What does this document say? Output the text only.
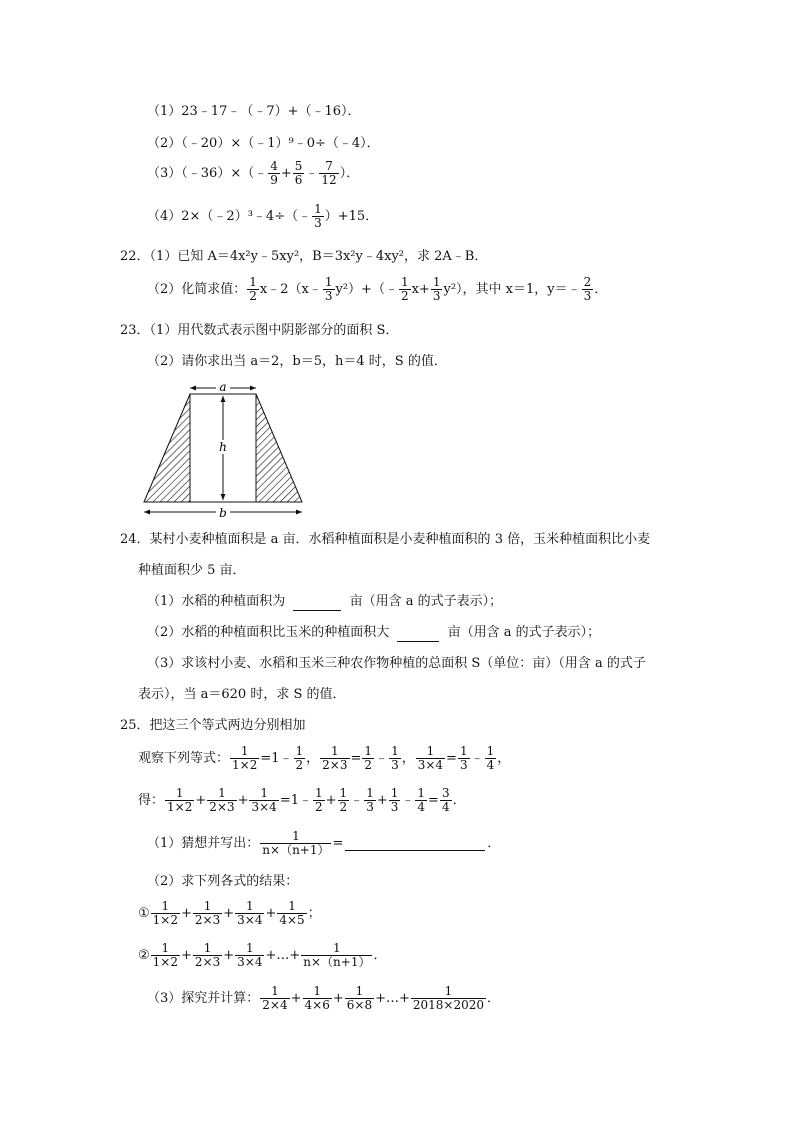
（1）23﹣17﹣（﹣7）+（﹣16）．
（2）（﹣20）×（﹣1）⁹﹣0÷（﹣4）．
（3）（﹣36）×（﹣ $\frac{4}{9} + \frac{5}{6}$ ﹣ $\frac{7}{12}$ ）．
（4）2×（﹣2）³﹣4÷（﹣ $\frac{1}{3} )+15$．
22．（1）已知 A＝4x²y﹣5xy²，B＝3x²y﹣4xy²，求 2A﹣B．
（2）化简求值： $\frac{1}{2}$ x﹣2（x﹣ $\frac{1}{3}$ y²）+（﹣ $\frac{1}{2} x+ \frac{1}{3} y^2$），其中 x＝1，y＝﹣ $\frac{2}{3}$ ．
23．（1）用代数式表示图中阴影部分的面积 S．
（2）请你求出当 a＝2，b＝5，h＝4 时，S 的值．
a
h
b
24．某村小麦种植面积是 a 亩．水稻种植面积是小麦种植面积的 3 倍，玉米种植面积比小麦
种植面积少 5 亩．
（1）水稻的种植面积为	亩（用含 a 的式子表示）；
（2）水稻的种植面积比玉米的种植面积大	亩（用含 a 的式子表示）；
（3）求该村小麦、水稻和玉米三种农作物种植的总面积 S（单位：亩）（用含 a 的式子
表示），当 a＝620 时，求 S 的值．
25．把这三个等式两边分别相加
观察下列等式： $\frac{1}{1\times 2}$ =1﹣ $\frac{1}{2}$ ， $\frac{1}{2\times 3} = \frac{1}{2}$ ﹣ $\frac{1}{3}$ ， $\frac{1}{3\times 4} = \frac{1}{3}$ ﹣ $\frac{1}{4}$ ，
得： $\frac{1}{1\times 2} + \frac{1}{2\times 3} + \frac{1}{3\times 4}$ =1﹣ $\frac{1}{2} + \frac{1}{2}$ ﹣ $\frac{1}{3} + \frac{1}{3}$ ﹣ $\frac{1}{4} = \frac{3}{4}$ ．
（1）猜想并写出： $\frac{1}{n\times(n+1)}$ =	．
（2）求下列各式的结果：
① $\frac{1}{1\times 2} + \frac{1}{2\times 3} + \frac{1}{3\times 4} + \frac{1}{4\times 5}$ ；
② $\frac{1}{1\times 2} + \frac{1}{2\times 3} + \frac{1}{3\times 4}$ +…+ $\frac{1}{n\times(n+1)}$ ．
（3）探究并计算： $\frac{1}{2\times 4} + \frac{1}{4\times 6} + \frac{1}{6\times 8}$ +…+ $\frac{1}{2018\times 2020}$ ．
